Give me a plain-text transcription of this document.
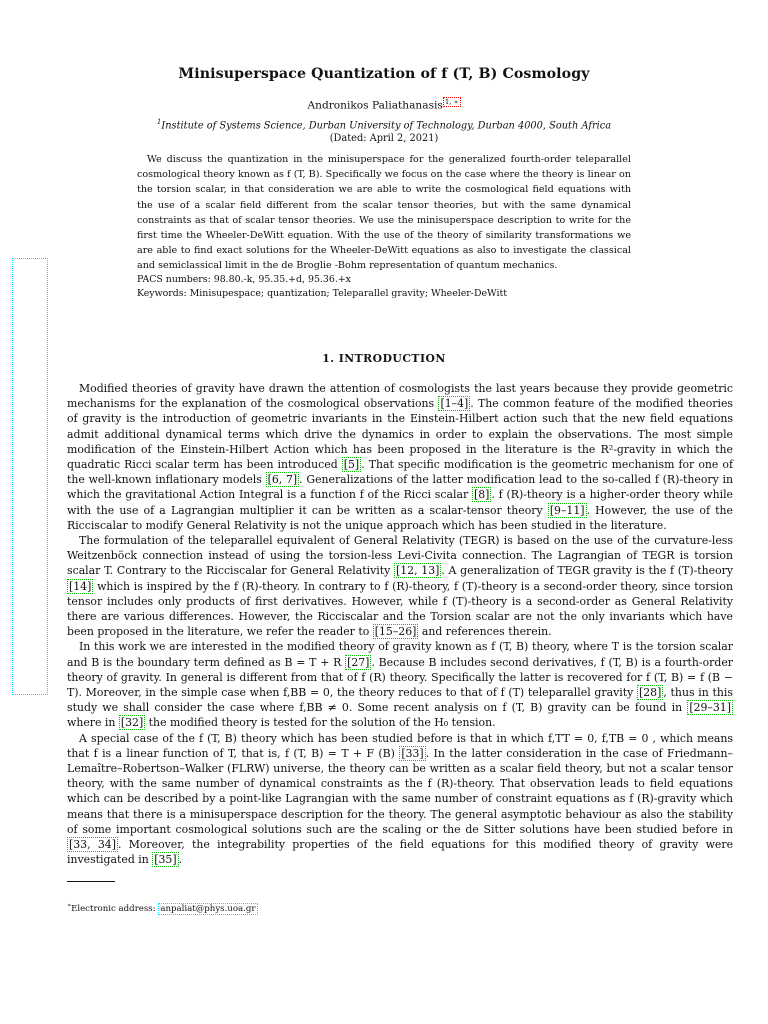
Minisuperspace Quantization of f (T, B) Cosmology
Andronikos Paliathanasis $^{1, ∗}$
$^1$Institute of Systems Science, Durban University of Technology, Durban 4000, South Africa
(Dated: April 2, 2021)

We discuss the quantization in the minisuperspace for the generalized fourth-order teleparallel cosmological theory known as f (T, B). Specifically we focus on the case where the theory is linear on the torsion scalar, in that consideration we are able to write the cosmological field equations with the use of a scalar field different from the scalar tensor theories, but with the same dynamical constraints as that of scalar tensor theories. We use the minisuperspace description to write for the first time the Wheeler-DeWitt equation. With the use of the theory of similarity transformations we are able to find exact solutions for the Wheeler-DeWitt equations as also to investigate the classical and semiclassical limit in the de Broglie -Bohm representation of quantum mechanics.

PACS numbers: 98.80.-k, 95.35.+d, 95.36.+x
Keywords: Minisupespace; quantization; Teleparallel gravity; Wheeler-DeWitt
1. INTRODUCTION

Modified theories of gravity have drawn the attention of cosmologists the last years because they provide geometric mechanisms for the explanation of the cosmological observations [1–4] . The common feature of the modified theories of gravity is the introduction of geometric invariants in the Einstein-Hilbert action such that the new field equations admit additional dynamical terms which drive the dynamics in order to explain the observations. The most simple modification of the Einstein-Hilbert Action which has been proposed in the literature is the R²-gravity in which the quadratic Ricci scalar term has been introduced [5] . That specific modification is the geometric mechanism for one of the well-known inflationary models [6, 7] . Generalizations of the latter modification lead to the so-called f (R)-theory in which the gravitational Action Integral is a function f of the Ricci scalar [8] . f (R)-theory is a higher-order theory while with the use of a Lagrangian multiplier it can be written as a scalar-tensor theory [9–11] . However, the use of the Ricciscalar to modify General Relativity is not the unique approach which has been studied in the literature.

The formulation of the teleparallel equivalent of General Relativity (TEGR) is based on the use of the curvature-less Weitzenböck connection instead of using the torsion-less Levi-Civita connection. The Lagrangian of TEGR is torsion scalar T. Contrary to the Ricciscalar for General Relativity [12, 13] . A generalization of TEGR gravity is the f (T)-theory [14] which is inspired by the f (R)-theory. In contrary to f (R)-theory, f (T)-theory is a second-order theory, since torsion tensor includes only products of first derivatives. However, while f (T)-theory is a second-order as General Relativity there are various differences. However, the Ricciscalar and the Torsion scalar are not the only invariants which have been proposed in the literature, we refer the reader to [15–26] and references therein.

In this work we are interested in the modified theory of gravity known as f (T, B) theory, where T is the torsion scalar and B is the boundary term defined as B = T + R [27] . Because B includes second derivatives, f (T, B) is a fourth-order theory of gravity. In general is different from that of f (R) theory. Specifically the latter is recovered for f (T, B) = f (B − T). Moreover, in the simple case when f,BB = 0, the theory reduces to that of f (T) teleparallel gravity [28] , thus in this study we shall consider the case where f,BB ≠ 0. Some recent analysis on f (T, B) gravity can be found in [29–31] where in [32] the modified theory is tested for the solution of the H₀ tension.

A special case of the f (T, B) theory which has been studied before is that in which f,TT = 0, f,TB = 0 , which means that f is a linear function of T, that is, f (T, B) = T + F (B) [33] . In the latter consideration in the case of Friedmann–Lemaître–Robertson–Walker (FLRW) universe, the theory can be written as a scalar field theory, but not a scalar tensor theory, with the same number of dynamical constraints as the f (R)-theory. That observation leads to field equations which can be described by a point-like Lagrangian with the same number of constraint equations as f (R)-gravity which means that there is a minisuperspace description for the theory. The general asymptotic behaviour as also the stability of some important cosmological solutions such are the scaling or the de Sitter solutions have been studied before in [33, 34] . Moreover, the integrability properties of the field equations for this modified theory of gravity were investigated in [35] .

∗Electronic address: anpaliat@phys.uoa.gr
